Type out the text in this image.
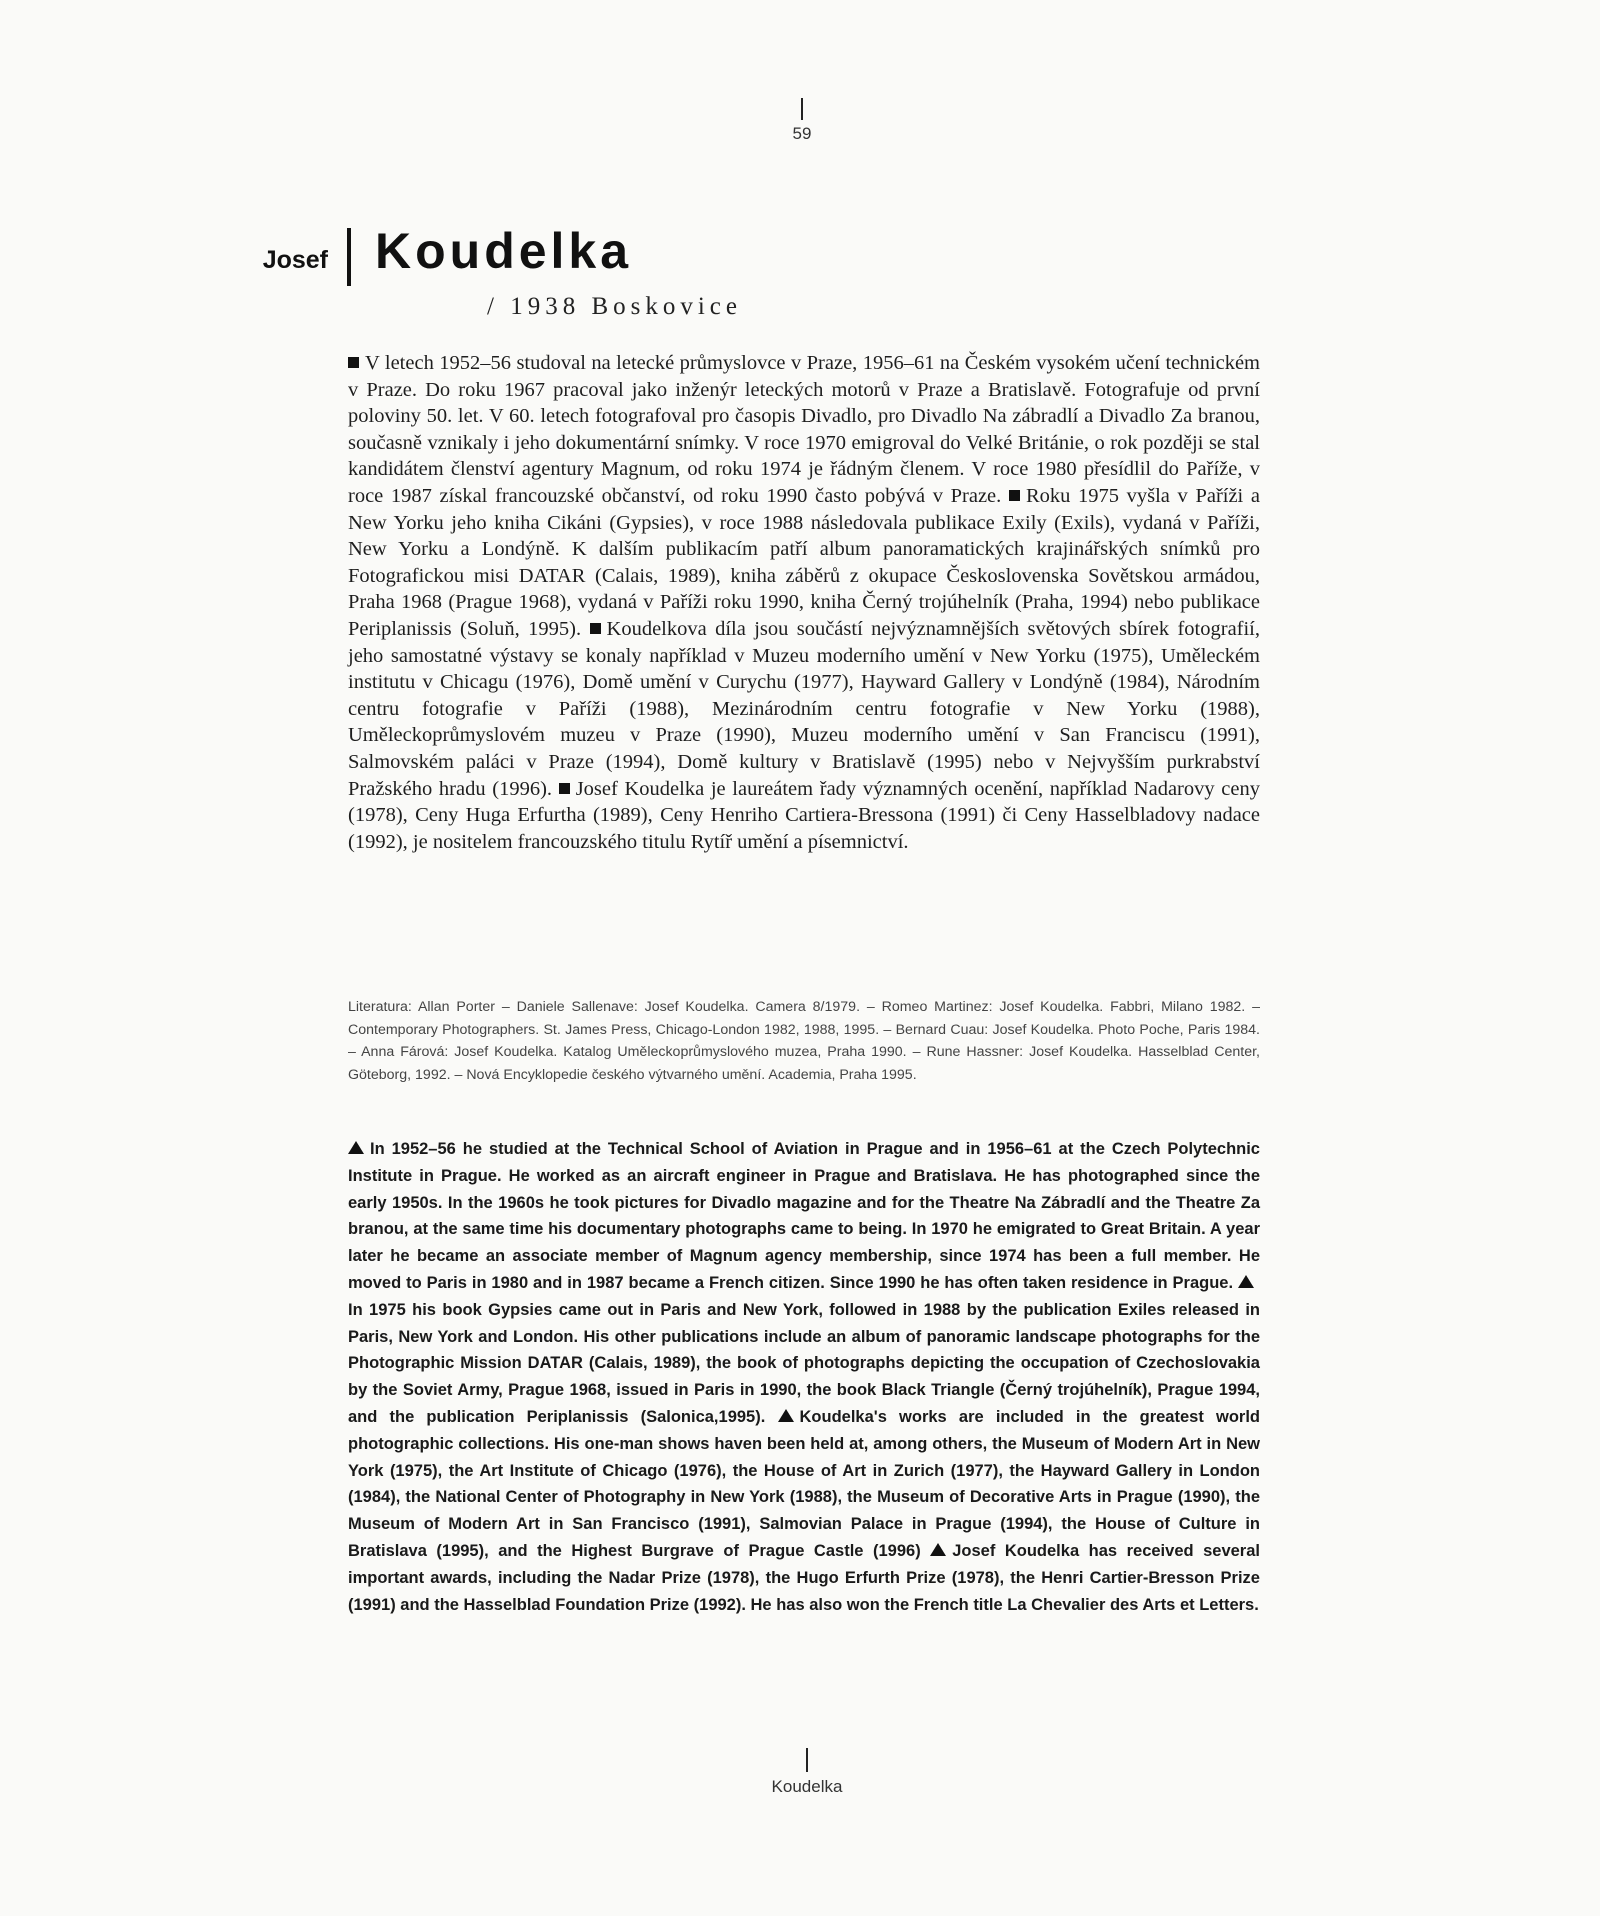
59
Josef Koudelka
/ 1938 Boskovice
V letech 1952–56 studoval na letecké průmyslovce v Praze, 1956–61 na Českém vysokém učení technickém v Praze. Do roku 1967 pracoval jako inženýr leteckých motorů v Praze a Bratislavě. Fotografuje od první poloviny 50. let. V 60. letech fotografoval pro časopis Divadlo, pro Divadlo Na zábradlí a Divadlo Za branou, současně vznikaly i jeho dokumentární snímky. V roce 1970 emigroval do Velké Británie, o rok později se stal kandidátem členství agentury Magnum, od roku 1974 je řádným členem. V roce 1980 přesídlil do Paříže, v roce 1987 získal francouzské občanství, od roku 1990 často pobývá v Praze. Roku 1975 vyšla v Paříži a New Yorku jeho kniha Cikáni (Gypsies), v roce 1988 následovala publikace Exily (Exils), vydaná v Paříži, New Yorku a Londýně. K dalším publikacím patří album panoramatických krajinářských snímků pro Fotografickou misi DATAR (Calais, 1989), kniha záběrů z okupace Československa Sovětskou armádou, Praha 1968 (Prague 1968), vydaná v Paříži roku 1990, kniha Černý trojúhelník (Praha, 1994) nebo publikace Periplanissis (Soluň, 1995). Koudelkova díla jsou součástí nejvýznamnějších světových sbírek fotografií, jeho samostatné výstavy se konaly například v Muzeu moderního umění v New Yorku (1975), Uměleckém institutu v Chicagu (1976), Domě umění v Curychu (1977), Hayward Gallery v Londýně (1984), Národním centru fotografie v Paříži (1988), Mezinárodním centru fotografie v New Yorku (1988), Uměleckoprůmyslovém muzeu v Praze (1990), Muzeu moderního umění v San Franciscu (1991), Salmovském paláci v Praze (1994), Domě kultury v Bratislavě (1995) nebo v Nejvyšším purkrabství Pražského hradu (1996). Josef Koudelka je laureátem řady významných ocenění, například Nadarovy ceny (1978), Ceny Huga Erfurtha (1989), Ceny Henriho Cartiera-Bressona (1991) či Ceny Hasselbladovy nadace (1992), je nositelem francouzského titulu Rytíř umění a písemnictví.
Literatura: Allan Porter – Daniele Sallenave: Josef Koudelka. Camera 8/1979. – Romeo Martinez: Josef Koudelka. Fabbri, Milano 1982. – Contemporary Photographers. St. James Press, Chicago-London 1982, 1988, 1995. – Bernard Cuau: Josef Koudelka. Photo Poche, Paris 1984. – Anna Fárová: Josef Koudelka. Katalog Uměleckoprůmyslového muzea, Praha 1990. – Rune Hassner: Josef Koudelka. Hasselblad Center, Göteborg, 1992. – Nová Encyklopedie českého výtvarného umění. Academia, Praha 1995.
In 1952–56 he studied at the Technical School of Aviation in Prague and in 1956–61 at the Czech Polytechnic Institute in Prague. He worked as an aircraft engineer in Prague and Bratislava. He has photographed since the early 1950s. In the 1960s he took pictures for Divadlo magazine and for the Theatre Na Zábradlí and the Theatre Za branou, at the same time his documentary photographs came to being. In 1970 he emigrated to Great Britain. A year later he became an associate member of Magnum agency membership, since 1974 has been a full member. He moved to Paris in 1980 and in 1987 became a French citizen. Since 1990 he has often taken residence in Prague. In 1975 his book Gypsies came out in Paris and New York, followed in 1988 by the publication Exiles released in Paris, New York and London. His other publications include an album of panoramic landscape photographs for the Photographic Mission DATAR (Calais, 1989), the book of photographs depicting the occupation of Czechoslovakia by the Soviet Army, Prague 1968, issued in Paris in 1990, the book Black Triangle (Černý trojúhelník), Prague 1994, and the publication Periplanissis (Salonica,1995). Koudelka's works are included in the greatest world photographic collections. His one-man shows haven been held at, among others, the Museum of Modern Art in New York (1975), the Art Institute of Chicago (1976), the House of Art in Zurich (1977), the Hayward Gallery in London (1984), the National Center of Photography in New York (1988), the Museum of Decorative Arts in Prague (1990), the Museum of Modern Art in San Francisco (1991), Salmovian Palace in Prague (1994), the House of Culture in Bratislava (1995), and the Highest Burgrave of Prague Castle (1996) Josef Koudelka has received several important awards, including the Nadar Prize (1978), the Hugo Erfurth Prize (1978), the Henri Cartier-Bresson Prize (1991) and the Hasselblad Foundation Prize (1992). He has also won the French title La Chevalier des Arts et Letters.
Koudelka
